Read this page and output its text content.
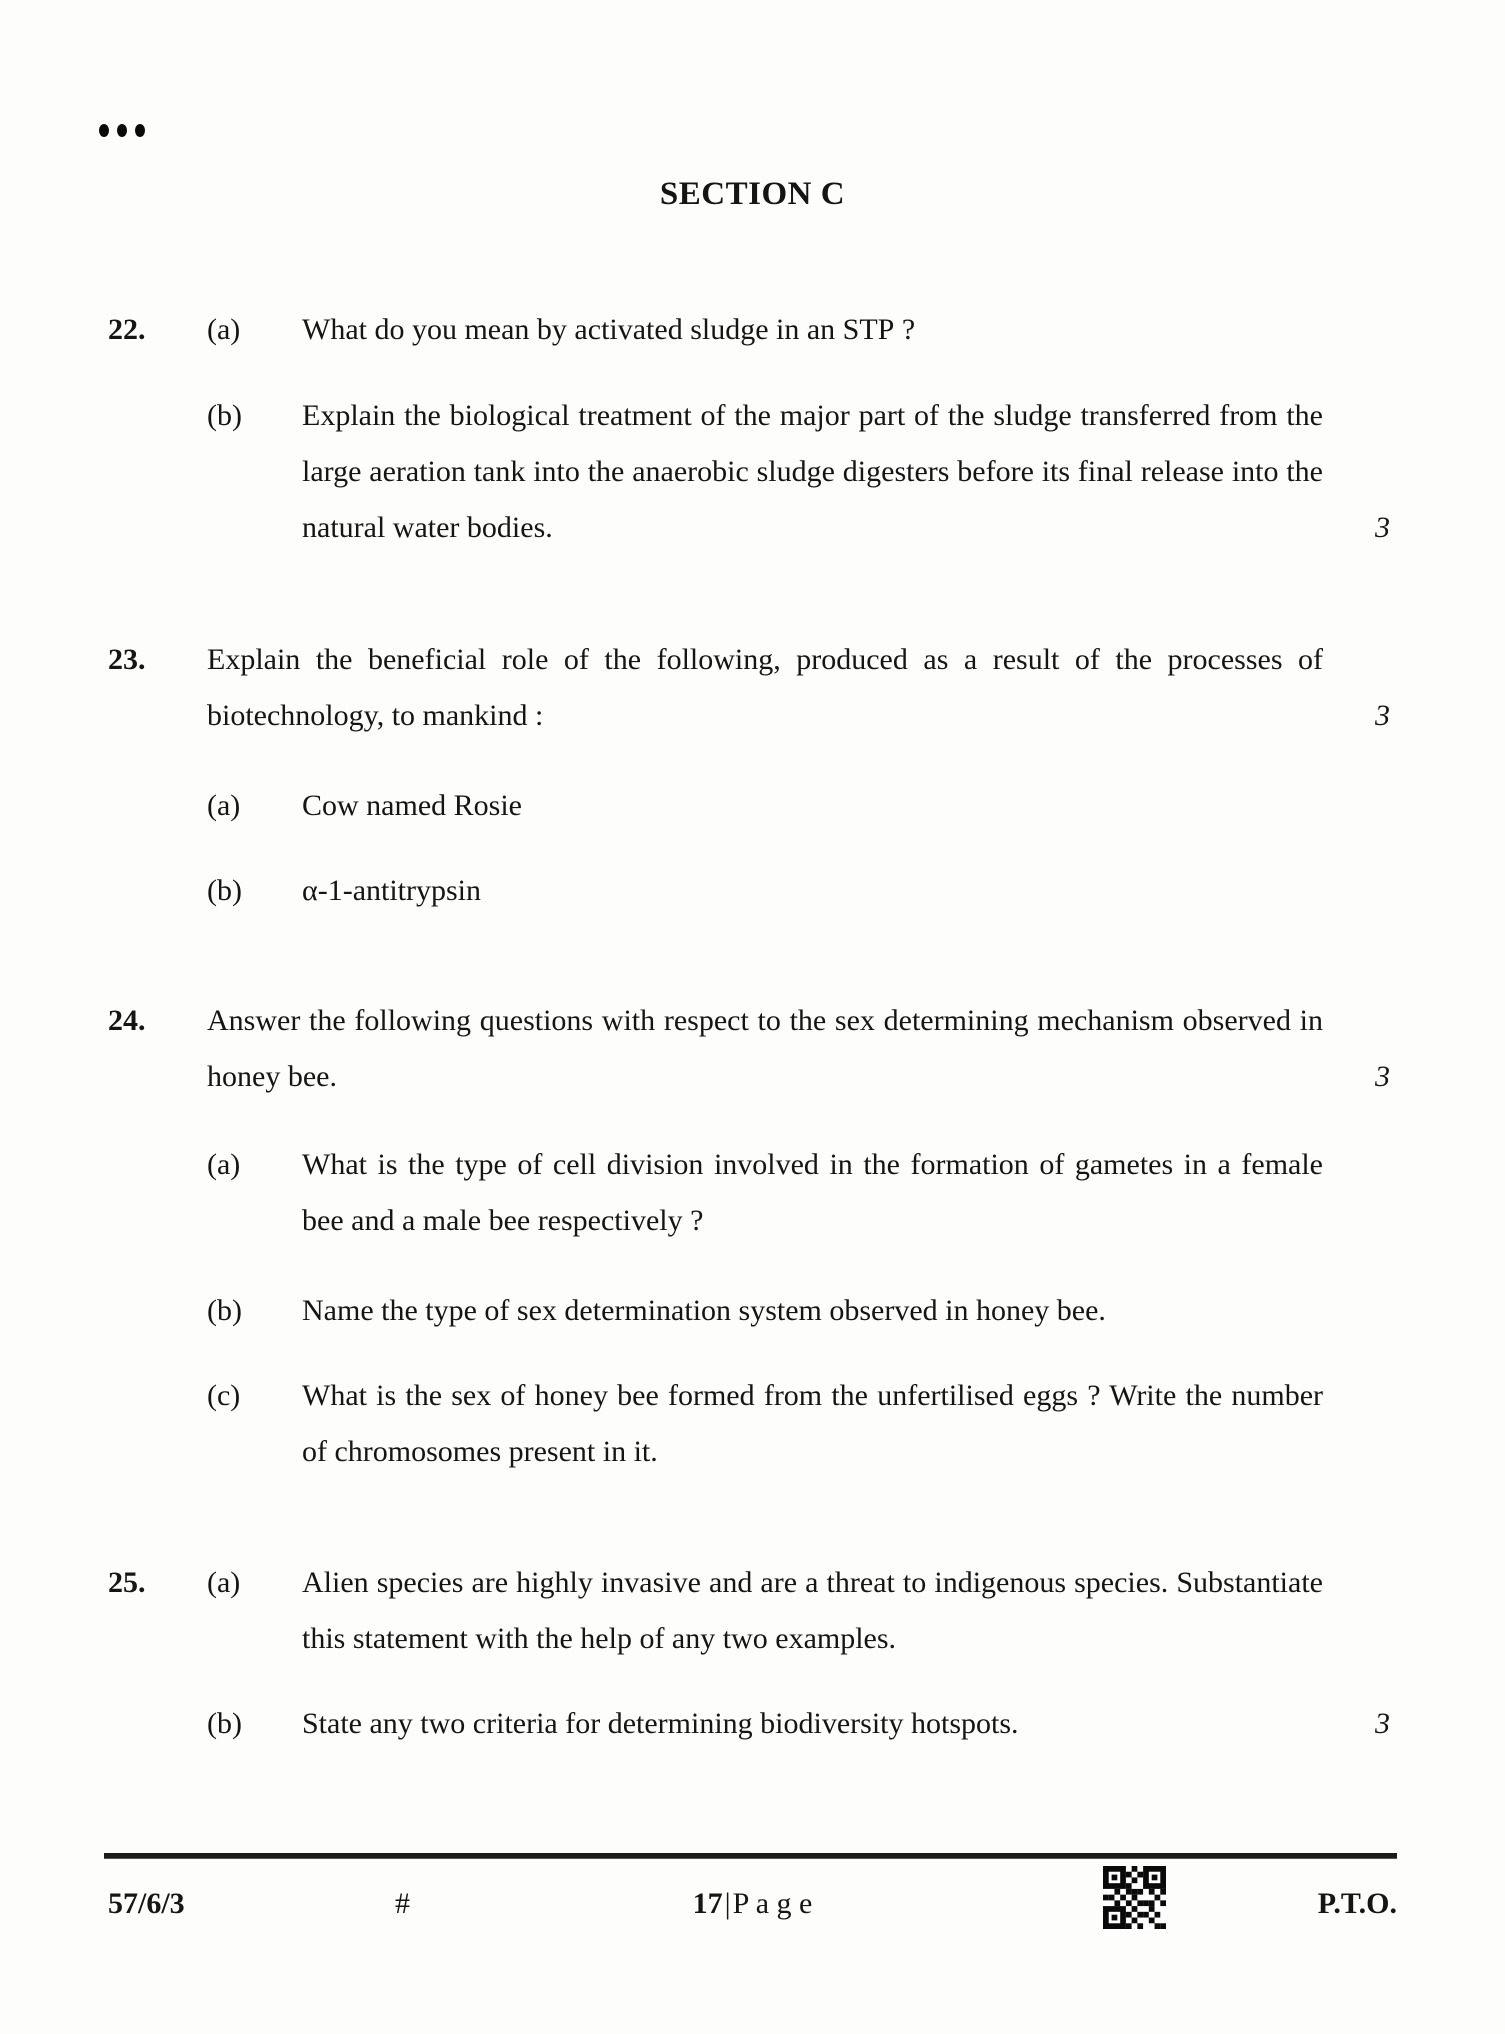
SECTION C
22.	(a)	What do you mean by activated sludge in an STP ?
(b)	Explain the biological treatment of the major part of the sludge transferred from the large aeration tank into the anaerobic sludge digesters before its final release into the natural water bodies.	3
23.	Explain the beneficial role of the following, produced as a result of the processes of biotechnology, to mankind :	3
(a)	Cow named Rosie
(b)	α-1-antitrypsin
24.	Answer the following questions with respect to the sex determining mechanism observed in honey bee.	3
(a)	What is the type of cell division involved in the formation of gametes in a female bee and a male bee respectively ?
(b)	Name the type of sex determination system observed in honey bee.
(c)	What is the sex of honey bee formed from the unfertilised eggs ? Write the number of chromosomes present in it.
25.	(a)	Alien species are highly invasive and are a threat to indigenous species. Substantiate this statement with the help of any two examples.
(b)	State any two criteria for determining biodiversity hotspots.	3
57/6/3	#	17|P a g e	P.T.O.
